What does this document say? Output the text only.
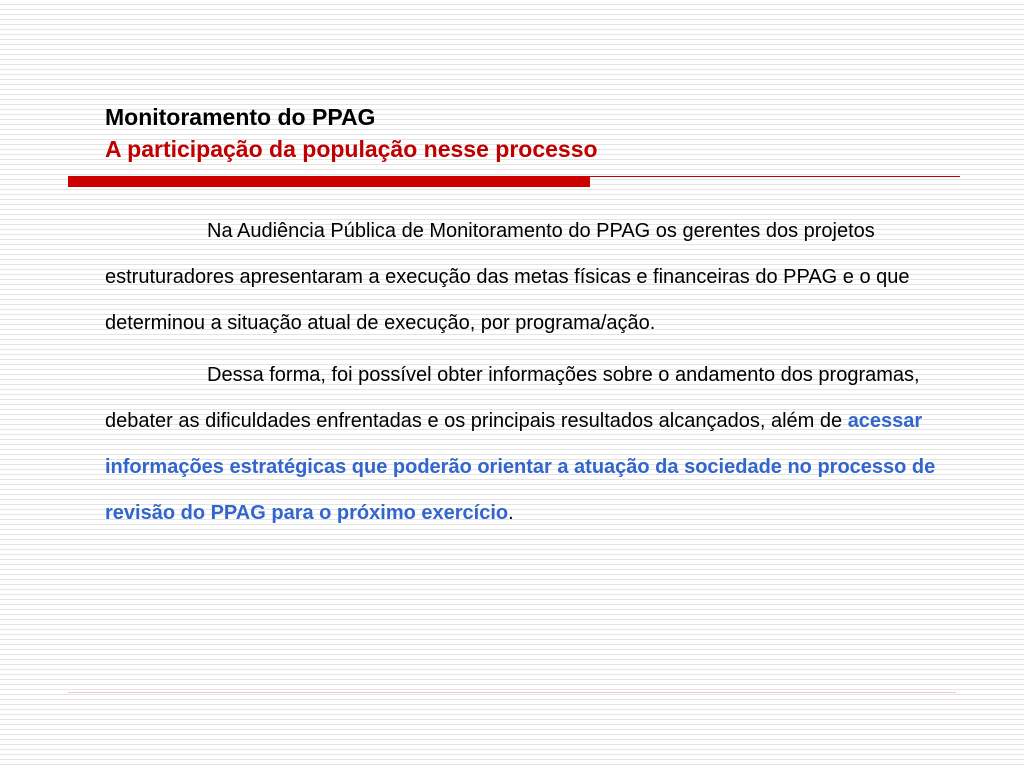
Monitoramento do PPAG
A participação da população nesse processo

Na Audiência Pública de Monitoramento do PPAG os gerentes dos projetos estruturadores apresentaram a execução das metas físicas e financeiras do PPAG e o que determinou a situação atual de execução, por programa/ação.

Dessa forma, foi possível obter informações sobre o andamento dos programas, debater as dificuldades enfrentadas e os principais resultados alcançados, além de acessar informações estratégicas que poderão orientar a atuação da sociedade no processo de revisão do PPAG para o próximo exercício.
